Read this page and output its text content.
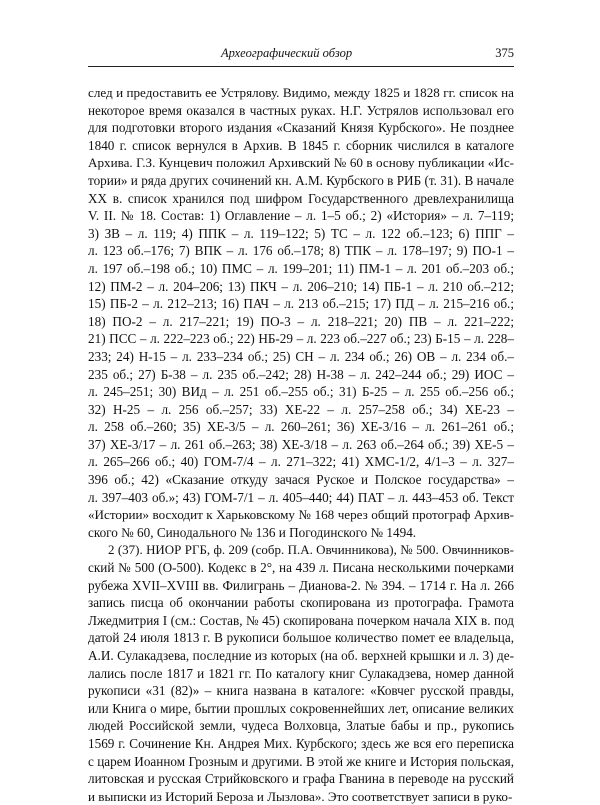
Археографический обзор	375
след и предоставить ее Устрялову. Видимо, между 1825 и 1828 гг. список на
некоторое время оказался в частных руках. Н.Г. Устрялов использовал его
для подготовки второго издания «Сказаний Князя Курбского». Не позднее
1840 г. список вернулся в Архив. В 1845 г. сборник числился в каталоге
Архива. Г.З. Кунцевич положил Архивский № 60 в основу публикации «Ис-
тории» и ряда других сочинений кн. А.М. Курбского в РИБ (т. 31). В начале
XX в. список хранился под шифром Государственного древлехранилища
V. II. № 18. Состав: 1) Оглавление – л. 1–5 об.; 2) «История» – л. 7–119;
3) ЗВ – л. 119; 4) ППК – л. 119–122; 5) ТС – л. 122 об.–123; 6) ППГ –
л. 123 об.–176; 7) ВПК – л. 176 об.–178; 8) ТПК – л. 178–197; 9) ПО-1 –
л. 197 об.–198 об.; 10) ПМС – л. 199–201; 11) ПМ-1 – л. 201 об.–203 об.;
12) ПМ-2 – л. 204–206; 13) ПКЧ – л. 206–210; 14) ПБ-1 – л. 210 об.–212;
15) ПБ-2 – л. 212–213; 16) ПАЧ – л. 213 об.–215; 17) ПД – л. 215–216 об.;
18) ПО-2 – л. 217–221; 19) ПО-3 – л. 218–221; 20) ПВ – л. 221–222;
21) ПСС – л. 222–223 об.; 22) НБ-29 – л. 223 об.–227 об.; 23) Б-15 – л. 228–
233; 24) Н-15 – л. 233–234 об.; 25) СН – л. 234 об.; 26) ОВ – л. 234 об.–
235 об.; 27) Б-38 – л. 235 об.–242; 28) Н-38 – л. 242–244 об.; 29) ИОС –
л. 245–251; 30) ВИд – л. 251 об.–255 об.; 31) Б-25 – л. 255 об.–256 об.;
32) Н-25 – л. 256 об.–257; 33) ХЕ-22 – л. 257–258 об.; 34) ХЕ-23 –
л. 258 об.–260; 35) ХЕ-3/5 – л. 260–261; 36) ХЕ-3/16 – л. 261–261 об.;
37) ХЕ-3/17 – л. 261 об.–263; 38) ХЕ-3/18 – л. 263 об.–264 об.; 39) ХЕ-5 –
л. 265–266 об.; 40) ГОМ-7/4 – л. 271–322; 41) ХМС-1/2, 4/1–3 – л. 327–
396 об.; 42) «Сказание откуду зачася Руское и Полское государства» –
л. 397–403 об.»; 43) ГОМ-7/1 – л. 405–440; 44) ПАТ – л. 443–453 об. Текст
«Истории» восходит к Харьковскому № 168 через общий протограф Архив-
ского № 60, Синодального № 136 и Погодинского № 1494.
2 (37). НИОР РГБ, ф. 209 (собр. П.А. Овчинникова), № 500. Овчинников-
ский № 500 (О-500). Кодекс в 2°, на 439 л. Писана несколькими почерками
рубежа XVII–XVIII вв. Филигрань – Дианова-2. № 394. – 1714 г. На л. 266
запись писца об окончании работы скопирована из протографа. Грамота
Лжедмитрия I (см.: Состав, № 45) скопирована почерком начала XIX в. под
датой 24 июля 1813 г. В рукописи большое количество помет ее владельца,
А.И. Сулакадзева, последние из которых (на об. верхней крышки и л. 3) де-
лались после 1817 и 1821 гг. По каталогу книг Сулакадзева, номер данной
рукописи «31 (82)» – книга названа в каталоге: «Ковчег русской правды,
или Книга о мире, бытии прошлых сокровеннейших лет, описание великих
людей Российской земли, чудеса Волховца, Златые бабы и пр., рукопись
1569 г. Сочинение Кн. Андрея Мих. Курбского; здесь же вся его переписка
с царем Иоанном Грозным и другими. В этой же книге и История польская,
литовская и русская Стрийковского и графа Гванина в переводе на русский
и выписки из Историй Бероза и Лызлова». Это соответствует записи в руко-
